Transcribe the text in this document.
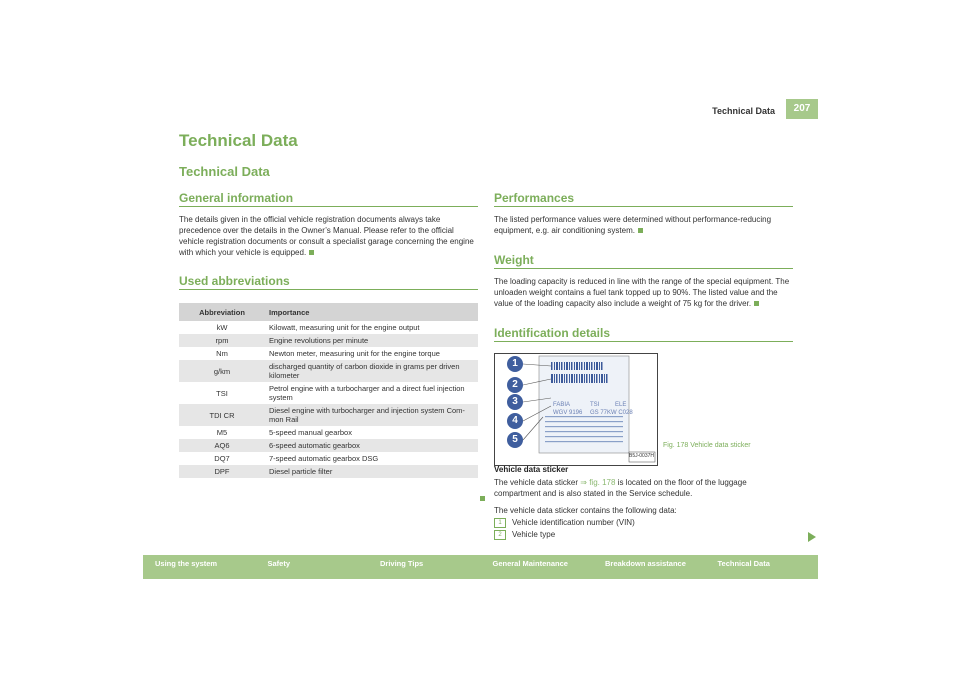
Technical Data	207
Technical Data
Technical Data
General information
The details given in the official vehicle registration documents always take precedence over the details in the Owner’s Manual. Please refer to the official vehicle registration documents or consult a specialist garage concerning the engine with which your vehicle is equipped.
Used abbreviations
Abbreviation	Importance
kW	Kilowatt, measuring unit for the engine output
rpm	Engine revolutions per minute
Nm	Newton meter, measuring unit for the engine torque
g/km	discharged quantity of carbon dioxide in grams per driven kilometer
TSI	Petrol engine with a turbocharger and a direct fuel injection system
TDI CR	Diesel engine with turbocharger and injection system Com-mon Rail
M5	5-speed manual gearbox
AQ6	6-speed automatic gearbox
DQ7	7-speed automatic gearbox DSG
DPF	Diesel particle filter
Performances
The listed performance values were determined without performance-reducing equipment, e.g. air conditioning system.
Weight
The loading capacity is reduced in line with the range of the special equipment. The unloaden weight contains a fuel tank topped up to 90%. The listed value and the value of the loading capacity also include a weight of 75 kg for the driver.
Identification details
FABIA	TSI	ELE
WGV 9196 GS 77KW C028
B5J-0037H
1
2
3
4
5
Fig. 178 Vehicle data sticker
Vehicle data sticker
The vehicle data sticker ⇒ fig. 178 is located on the floor of the luggage compartment and is also stated in the Service schedule.
The vehicle data sticker contains the following data:
1 Vehicle identification number (VIN)
2 Vehicle type
Using the system	Safety	Driving Tips	General Maintenance	Breakdown assistance	Technical Data
